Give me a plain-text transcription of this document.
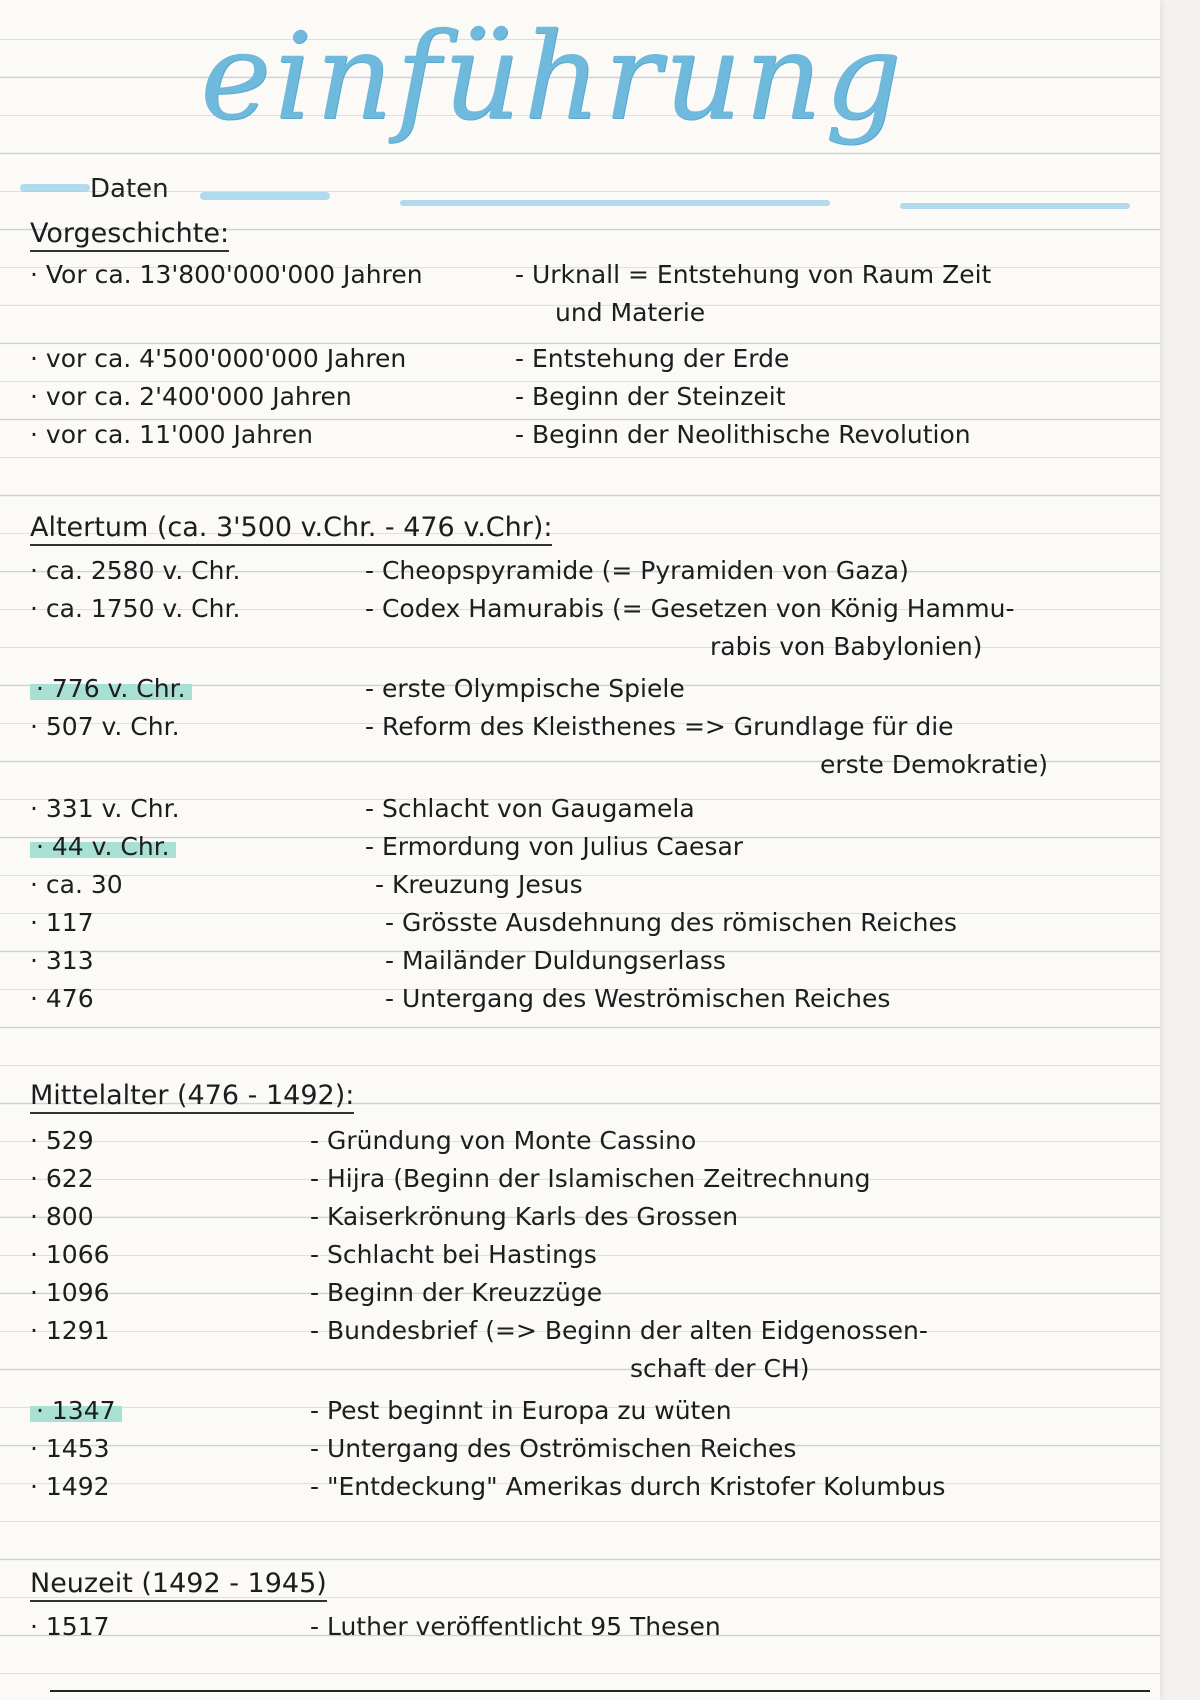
einführung
Daten
Vorgeschichte:
· Vor ca. 13'800'000'000 Jahren	- Urknall = Entstehung von Raum Zeit
und Materie
· vor ca. 4'500'000'000 Jahren	- Entstehung der Erde
· vor ca. 2'400'000 Jahren	- Beginn der Steinzeit
· vor ca. 11'000 Jahren	- Beginn der Neolithische Revolution
Altertum (ca. 3'500 v.Chr. - 476 v.Chr):
· ca. 2580 v. Chr.	- Cheopspyramide (= Pyramiden von Gaza)
· ca. 1750 v. Chr.	- Codex Hamurabis (= Gesetzen von König Hammu-
rabis von Babylonien)
· 776 v. Chr.	- erste Olympische Spiele
· 507 v. Chr.	- Reform des Kleisthenes => Grundlage für die
erste Demokratie)
· 331 v. Chr.	- Schlacht von Gaugamela
· 44 v. Chr.	- Ermordung von Julius Caesar
· ca. 30	- Kreuzung Jesus
· 117	- Grösste Ausdehnung des römischen Reiches
· 313	- Mailänder Duldungserlass
· 476	- Untergang des Weströmischen Reiches
Mittelalter (476 - 1492):
· 529	- Gründung von Monte Cassino
· 622	- Hijra (Beginn der Islamischen Zeitrechnung
· 800	- Kaiserkrönung Karls des Grossen
· 1066	- Schlacht bei Hastings
· 1096	- Beginn der Kreuzzüge
· 1291	- Bundesbrief (=> Beginn der alten Eidgenossen-
schaft der CH)
· 1347	- Pest beginnt in Europa zu wüten
· 1453	- Untergang des Oströmischen Reiches
· 1492	- "Entdeckung" Amerikas durch Kristofer Kolumbus
Neuzeit (1492 - 1945)
· 1517	- Luther veröffentlicht 95 Thesen
